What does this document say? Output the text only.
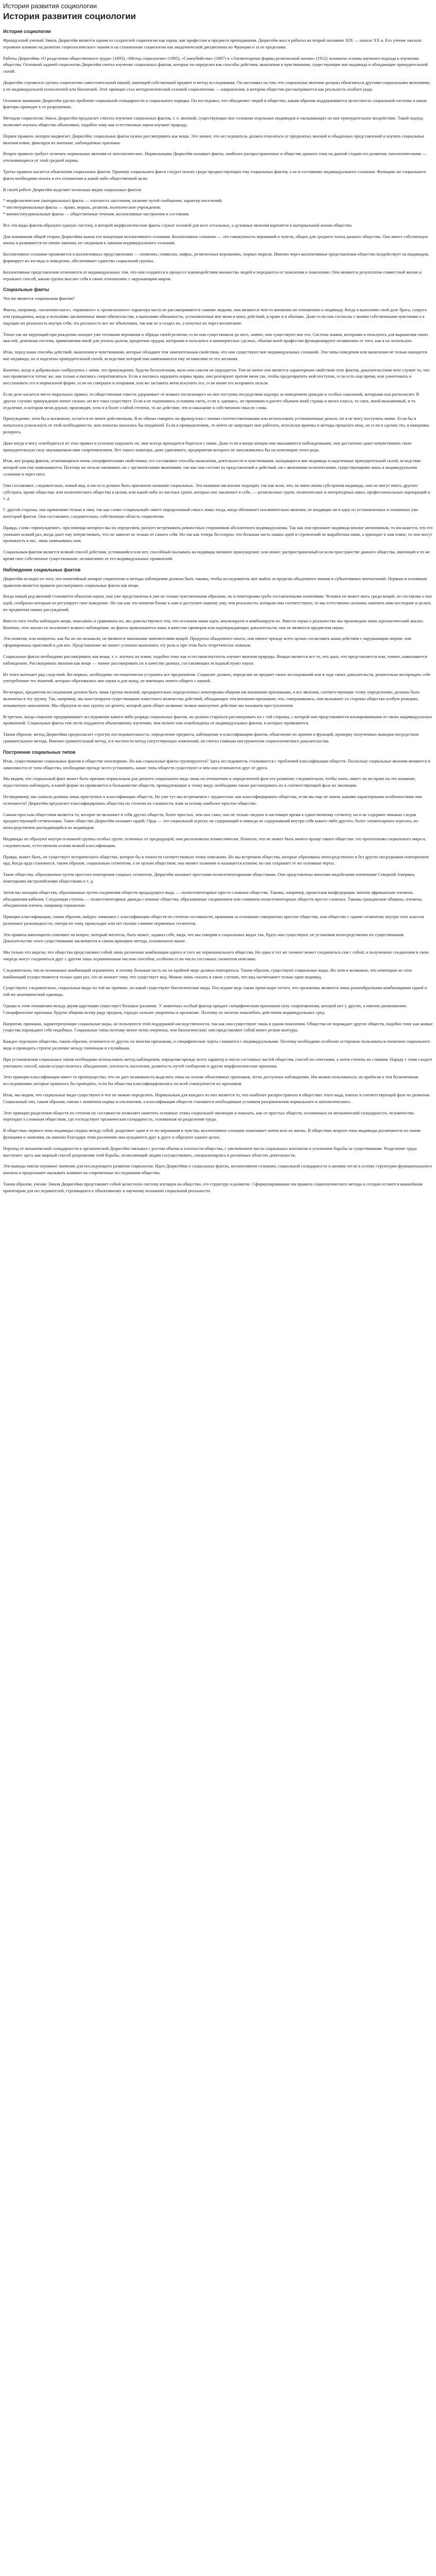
История развития социологии
История развития социологии
История социологии

Французский ученый Эмиль Дюркгейм является одним из создателей социологии как науки, как профессии и предмета преподавания. Дюркгейм жил и работал во второй половине XIX — начале XX в. Его учение оказало огромное влияние на развитие социологического знания и на становление социологии как академической дисциплины во Франции и за ее пределами.

Работы Дюркгейма «О разделении общественного труда» (1893), «Метод социологии» (1895), «Самоубийство» (1897) и «Элементарные формы религиозной жизни» (1912) заложили основы научного подхода к изучению общества. Основной задачей социологии Дюркгейм считал изучение социальных фактов, которые он определял как способы действия, мышления и чувствования, существующие вне индивида и обладающие принудительной силой.

Дюркгейм стремился сделать социологию самостоятельной наукой, имеющей собственный предмет и метод исследования. Он настаивал на том, что социальные явления должны объясняться другими социальными явлениями, а не индивидуальной психологией или биологией. Этот принцип стал методологической основой социологизма — направления, в котором общество рассматривается как реальность особого рода.

Основное внимание Дюркгейм уделял проблеме социальной солидарности и социального порядка. Он исследовал, что объединяет людей в общество, каким образом поддерживается целостность социальной системы и какие факторы приводят к ее разрушению.

Методом социологии Эмиль Дюркгейм предлагает считать изучение социальных фактов, т. е. явлений, существующих вне сознания отдельных индивидов и оказывающих на них принудительное воздействие. Такой подход позволяет изучать общество объективно, подобно тому как естественные науки изучают природу.

Первое правило, которое выдвигает Дюркгейм: социальные факты нужно рассматривать как вещи. Это значит, что исследователь должен отказаться от предвзятых мнений и обыденных представлений и изучать социальные явления извне, фиксируя их внешние, наблюдаемые признаки.

Второе правило требует отличать нормальные явления от патологических. Нормальными Дюркгейм называет факты, наиболее распространенные в обществе данного типа на данной стадии его развития, патологическими — отклоняющиеся от этой средней нормы.

Третье правило касается объяснения социальных фактов. Причину социального факта следует искать среди предшествующих ему социальных фактов, а не в состояниях индивидуального сознания. Функцию же социального факта необходимо искать в его отношении к какой-либо общественной цели.

В своей работе Дюркгейм выделяет несколько видов социальных фактов:

* морфологические (материальные) факты — плотность населения, наличие путей сообщения, характер поселений;
* институциональные факты — право, мораль, религия, политические учреждения;
* внеинституциональные факты — общественные течения, коллективные настроения и состояния.

Все эти виды фактов образуют единую систему, в которой морфологические факты служат основой для всех остальных, а духовные явления коренятся в материальной жизни общества.

Для понимания общей теории Дюркгейма важна его концепция коллективного сознания. Коллективное сознание — это совокупность верований и чувств, общих для среднего члена данного общества. Оно имеет собственную жизнь и развивается по своим законам, не сводимым к законам индивидуального сознания.

Коллективное сознание проявляется в коллективных представлениях — понятиях, символах, мифах, религиозных верованиях, нормах морали. Именно через коллективные представления общество воздействует на индивидов, формирует их взгляды и поведение, обеспечивает единство социальной группы.

Коллективные представления отличаются от индивидуальных тем, что они создаются в процессе взаимодействия множества людей и передаются от поколения к поколению. Они являются результатом совместной жизни и отражают способ, каким группа мыслит себя в своих отношениях с окружающим миром.

Социальные факты

Что же является социальным фактом?

Факты, например, «политического», «правового» и «религиозного» характера часто не рассматриваются самими людьми, они являются чем-то внешним по отношению к индивиду. Когда я выполняю свой долг брата, супруга или гражданина, когда я исполняю заключенные мною обязательства, я выполняю обязанности, установленные вне меня и моих действий, в праве и в обычаях. Даже если они согласны с моими собственными чувствами и я ощущаю их реальность внутри себя, эта реальность все же объективна, так как не я создал их, а получил их через воспитание.

Точно так же верующий при рождении находит уже готовыми верования и обряды своей религии; если они существовали до него, значит, они существуют вне его. Система знаков, которыми я пользуюсь для выражения своих мыслей, денежная система, применяемая мной для уплаты долгов, кредитные орудия, которыми я пользуюсь в коммерческих сделках, обычаи моей профессии функционируют независимо от того, как я их использую.

Итак, перед нами способы действий, мышления и чувствования, которые обладают тем замечательным свойством, что они существуют вне индивидуальных сознаний. Эти типы поведения или мышления не только находятся вне индивида, но и наделены принудительной силой, вследствие которой они навязываются ему независимо от его желания.

Конечно, когда я добровольно сообразуюсь с ними, это принуждение, будучи бесполезным, мало или совсем не ощущается. Тем не менее оно является характерным свойством этих фактов, доказательством чего служит то, что оно проявляется тотчас же, как только я пытаюсь сопротивляться. Если я пытаюсь нарушить нормы права, они реагируют против меня так, чтобы предотвратить мой поступок, если есть еще время, или уничтожить и восстановить его в нормальной форме, если он совершен и поправим, или же заставить меня искупить его, если иначе его исправить нельзя.

Если дело касается чисто моральных правил, то общественная совесть удерживает от всякого посягающего на них поступка посредством надзора за поведением граждан и особых наказаний, которыми она располагает. В других случаях принуждение менее сильно, но все-таки существует. Если я не подчиняюсь условиям света, если я, одеваясь, не принимаю в расчет обычаев моей страны и моего класса, то смех, мной вызываемый, и то отдаление, в котором меня держат, производят, хотя и в более слабой степени, то же действие, что и наказание в собственном смысле слова.

Принуждение, хотя бы и косвенное, остается не менее действенным. Я не обязан говорить по-французски с моими соотечественниками или использовать установленные деньги, но я не могу поступить иначе. Если бы я попытался ускользнуть от этой необходимости, моя попытка оказалась бы неудачной. Если я промышленник, то ничто не запрещает мне работать, используя приемы и методы прошлого века, но если я сделаю это, я наверняка разорюсь.

Даже когда я могу освободиться от этих правил и успешно нарушить их, мне всегда приходится бороться с ними. Даже если в конце концов они оказываются побежденными, они достаточно дают почувствовать свою принудительную силу оказываемым ими сопротивлением. Нет такого новатора, даже удачливого, предприятия которого не наталкивались бы на оппозицию этого рода.

Итак, вот разряд фактов, отличающихся очень специфическими свойствами; его составляют способы мышления, деятельности и чувствования, находящиеся вне индивида и наделенные принудительной силой, вследствие которой они ему навязываются. Поэтому их нельзя смешивать ни с органическими явлениями, так как они состоят из представлений и действий, ни с явлениями психическими, существующими лишь в индивидуальном сознании и через него.

Они составляют, следовательно, новый вид, и им-то и должно быть присвоено название социальных. Это название им вполне подходит, так как ясно, что, не имея своим субстратом индивида, они не могут иметь другого субстрата, кроме общества: или политического общества в целом, или какой-либо из частных групп, которые оно заключает в себе, — религиозных групп, политических и литературных школ, профессиональных корпораций и т. д.

С другой стороны, оно применимо только к ним, так как слово «социальный» имеет определенный смысл лишь тогда, когда обозначает исключительно явления, не входящие ни в одну из установленных и названных уже категорий фактов. Они составляют, следовательно, собственную область социологии.

Правда, слово «принуждение», при помощи которого мы их определяем, рискует встревожить ревностных сторонников абсолютного индивидуализма. Так как они признают индивида вполне автономным, то им кажется, что его унижают всякий раз, когда дают ему почувствовать, что он зависит не только от самого себя. Но так как теперь бесспорно, что большая часть наших идей и стремлений не выработана нами, а приходит к нам извне, то они могут проникнуть в нас, лишь навязываясь нам.

Социальным фактом является всякий способ действия, устоявшийся или нет, способный оказывать на индивида внешнее принуждение; или иначе: распространенный на всем пространстве данного общества, имеющий в то же время свое собственное существование, независимое от его индивидуальных проявлений.

Наблюдение социальных фактов

Дюркгейм исходил из того, что понятийный аппарат социологии и методы наблюдения должны быть таковы, чтобы исследователь мог выйти за пределы обыденного знания и субъективных впечатлений. Первым и основным правилом является правило рассматривать социальные факты как вещи.

Когда новый род явлений становится объектом науки, они уже представлены в уме не только чувственными образами, но и некоторыми грубо составленными понятиями. Человек не может жить среди вещей, не составляя о них идей, сообразно которым он регулирует свое поведение. Но так как эти понятия ближе к нам и доступнее нашему уму, чем реальности, которым они соответствуют, то мы естественно склонны заменять ими последние и делать их предметом наших рассуждений.

Вместо того чтобы наблюдать вещи, описывать и сравнивать их, мы довольствуемся тем, что осознаем наши идеи, анализируем и комбинируем их. Вместо науки о реальностях мы производим лишь идеологический анализ. Конечно, этот анализ не исключает всякого наблюдения, но факты привлекаются лишь в качестве примеров или подтверждающих доказательств; они не являются предметом науки.

Эти понятия, или концепты, как бы их ни называли, не являются законными заменителями вещей. Продукты обыденного опыта, они имеют прежде всего целью согласовать наши действия с окружающим миром; они сформированы практикой и для нее. Представление же может успешно выполнять эту роль и при этом быть теоретически ложным.

Социальные факты необходимо рассматривать как вещи, т. е. изучать их извне, подобно тому как естествоиспытатель изучает явления природы. Вещью является все то, что дано, что представляется или, точнее, навязывается наблюдению. Рассматривать явления как вещи — значит рассматривать их в качестве данных, составляющих исходный пункт науки.

Из этого вытекает ряд следствий. Во-первых, необходимо систематически устранять все предпонятия. Социолог должен, определяя ли предмет своих исследований или в ходе своих доказательств, решительно воспрещать себе употребление тех понятий, которые образовались вне науки и для нужд, не имеющих ничего общего с наукой.

Во-вторых, предметом исследования должна быть лишь группа явлений, предварительно определенных некоторыми общими им внешними признаками, и все явления, соответствующие этому определению, должны быть включены в эту группу. Так, например, мы констатируем существование известного количества действий, обладающих тем внешним признаком, что, совершившись, они вызывают со стороны общества особую реакцию, называемую наказанием. Мы образуем из них группу sui generis, которой даем общее название: всякое наказуемое действие мы называем преступлением.

В-третьих, когда социолог предпринимает исследование какого-либо разряда социальных фактов, он должен стараться рассматривать их с той стороны, с которой они представляются изолированными от своих индивидуальных проявлений. Социальные факты тем легче поддаются объективному изучению, чем полнее они освобождены от индивидуальных фактов, в которых проявляются.

Таким образом, метод Дюркгейма предполагает строгую последовательность: определение предмета, наблюдение и классификацию фактов, объяснение их причин и функций, проверку полученных выводов посредством сравнительного метода. Именно сравнительный метод, и в частности метод сопутствующих изменений, он считал главным инструментом социологического доказательства.

Построение социальных типов

Итак, существование социальных фактов в обществе неоспоримо. Но как социальные факты группируются? Здесь исследователь сталкивается с проблемой классификации обществ. Поскольку социальные явления меняются в зависимости от типа общества, необходимо прежде всего установить, какие типы обществ существуют и чем они отличаются друг от друга.

Мы видим, что социальный факт может быть признан нормальным для данного социального вида лишь по отношению к определенной фазе его развития; следовательно, чтобы знать, имеет ли он право на это название, недостаточно наблюдать, в какой форме он проявляется в большинстве обществ, принадлежащих к этому виду; необходимо также рассматривать их в соответствующей фазе их эволюции.

По-видимому, мы сначала должны лишь приступить к классификации обществ. Но уже тут мы встречаемся с трудностью: как классифицировать общества, если мы еще не знаем, какими характерными особенностями они отличаются? Дюркгейм предлагает классифицировать общества по степени их сложности, взяв за основу наиболее простое общество.

Самым простым обществом является то, которое не включает в себя других обществ, более простых, чем оно само; оно не только сведено в настоящее время к единственному сегменту, но и не содержит никаких следов предшествующей сегментации. Такое общество Дюркгейм называет ордой. Орда — это социальный агрегат, не содержащий и никогда не содержавший внутри себя какого-либо другого, более элементарного агрегата, но непосредственно распадающийся на индивидов.

Индивиды не образуют внутри основной группы особых групп, отличных от предыдущей; они расположены атомистически. Понятно, что не может быть ничего проще такого общества: это протоплазма социального мира и, следовательно, естественная основа всякой классификации.

Правда, может быть, не существует исторического общества, которое бы в точности соответствовало этому описанию. Но мы встречаем общества, которые образованы непосредственно и без других посредников повторением орд. Когда орда становится, таким образом, социальным сегментом, а не целым обществом, она меняет название и называется кланом; но она сохраняет те же основные черты.

Такие общества, образованные путем простого повторения сходных сегментов, Дюркгейм называет простыми полисегментарными обществами. Они представлены многими индейскими племенами Северной Америки, некоторыми австралийскими обществами и т. д.

Затем мы находим общества, образованные путем соединения обществ предыдущего вида, — полисегментарные просто сложные общества. Таковы, например, ирокезская конфедерация, многие африканские племена, объединения кабилов. Следующая ступень — полисегментарные дважды сложные общества, образованные соединением или слиянием полисегментарных обществ просто сложных. Таковы гражданские общины, племена, объединения племен, например германские.

Принцип классификации, таким образом, найден: начинают с классификации обществ по степени составности, принимая за основание совершенно простое общество, или общество с одним сегментом; внутри этих классов различают разновидности, смотря по тому, происходит или нет полное слияние первичных сегментов.

Эти правила имплицитно отвечают на вопрос, который читатель, быть может, задавал себе, видя, что мы говорим о социальных видах так, будто они существуют, не установив непосредственно их существования. Доказательство этого существования заключается в самом принципе метода, изложенного выше.

Мы только что видели, что общества представляют собой лишь различные комбинации одного и того же первоначального общества. Но один и тот же элемент может соединяться сам с собой, и полученные соединения в свою очередь могут соединяться друг с другом лишь ограниченным числом способов, особенно если число составных элементов невелико.

Следовательно, число возможных комбинаций ограничено, и потому большая часть их по крайней мере должна повторяться. Таким образом, существуют социальные виды. Но хотя и возможно, что некоторые из этих комбинаций осуществляются только один раз, это не мешает тому, что существует вид. Можно лишь сказать в таких случаях, что вид насчитывает только один индивид.

Существуют, следовательно, социальные виды по той же причине, по какой существуют биологические виды. Последние ведь также происходят оттого, что организмы являются лишь разнообразными комбинациями одной и той же анатомической единицы.

Однако в этом отношении между двумя царствами существует большое различие. У животных особый фактор придает специфическим признакам силу сопротивления, которой нет у других, а именно размножение. Специфические признаки, будучи общими всему ряду предков, гораздо сильнее укоренены в организме. Поэтому их нелегко поколебать действием индивидуальных сред.

Напротив, признаки, характеризующие социальные виды, не пользуются этой поддержкой наследственности, так как они существуют лишь в одном поколении. Общество не порождает других обществ, подобно тому как живые существа порождают себе подобных. Социальные типы поэтому менее четко очерчены, чем биологические; они представляют собой менее резкие контуры.

Каждое отдельное общество, таким образом, отличается от других по многим признакам, и специфические черты сливаются с индивидуальными. Поэтому необходимо особенно осторожно пользоваться понятием социального вида и проводить строгое различие между типичным и случайным.

При установлении социальных типов необходимо использовать метод наблюдения, определяя прежде всего характер и число составных частей общества, способ их сочетания, а затем степень их слияния. Наряду с этим следует учитывать способ, каким осуществлялось объединение, плотность населения, развитость путей сообщения и другие морфологические признаки.

Этот принцип классификации имеет то преимущество, что он дает возможность выделить типы на основе объективных признаков, легко доступных наблюдению. Им можно пользоваться, не прибегая к тем бесконечным исследованиям, которые пришлось бы проводить, если бы общества классифицировались по всей совокупности их признаков.

Итак, мы видим, что социальные виды существуют и что их можно определить. Нормальным для каждого из них является то, что наиболее распространено в обществах этого вида, взятых в соответствующей фазе их развития. Социальный тип, таким образом, связан с понятием нормы и отклонения, а классификация обществ становится необходимым условием разграничения нормального и патологического.

Этот принцип разделения обществ по степени их составности позволяет наметить основные этапы социальной эволюции и показать, как от простых обществ, основанных на механической солидарности, человечество переходит к сложным обществам, где господствует органическая солидарность, основанная на разделении труда.

В обществах первого типа индивиды сходны между собой, разделяют одни и те же верования и чувства, коллективное сознание охватывает почти всю их жизнь. В обществах второго типа индивиды различаются по своим функциям и занятиям, но именно благодаря этим различиям они нуждаются друг в друге и образуют единое целое.

Переход от механической солидарности к органической Дюркгейм связывал с ростом объема и плотности общества, с увеличением числа социальных контактов и усилением борьбы за существование. Разделение труда выступает здесь как мирный способ разрешения этой борьбы, позволяющий людям сосуществовать, специализируясь в различных областях деятельности.

Эти выводы имели огромное значение для последующего развития социологии. Идеи Дюркгейма о социальных фактах, коллективном сознании, социальной солидарности и аномии легли в основу структурно-функционального анализа и продолжают оказывать влияние на современные исследования общества.

Таким образом, учение Эмиля Дюркгейма представляет собой целостную систему взглядов на общество, его структуру и развитие. Сформулированные им правила социологического метода и сегодня остаются важнейшим ориентиром для исследователей, стремящихся к объективному и научному познанию социальной реальности.
